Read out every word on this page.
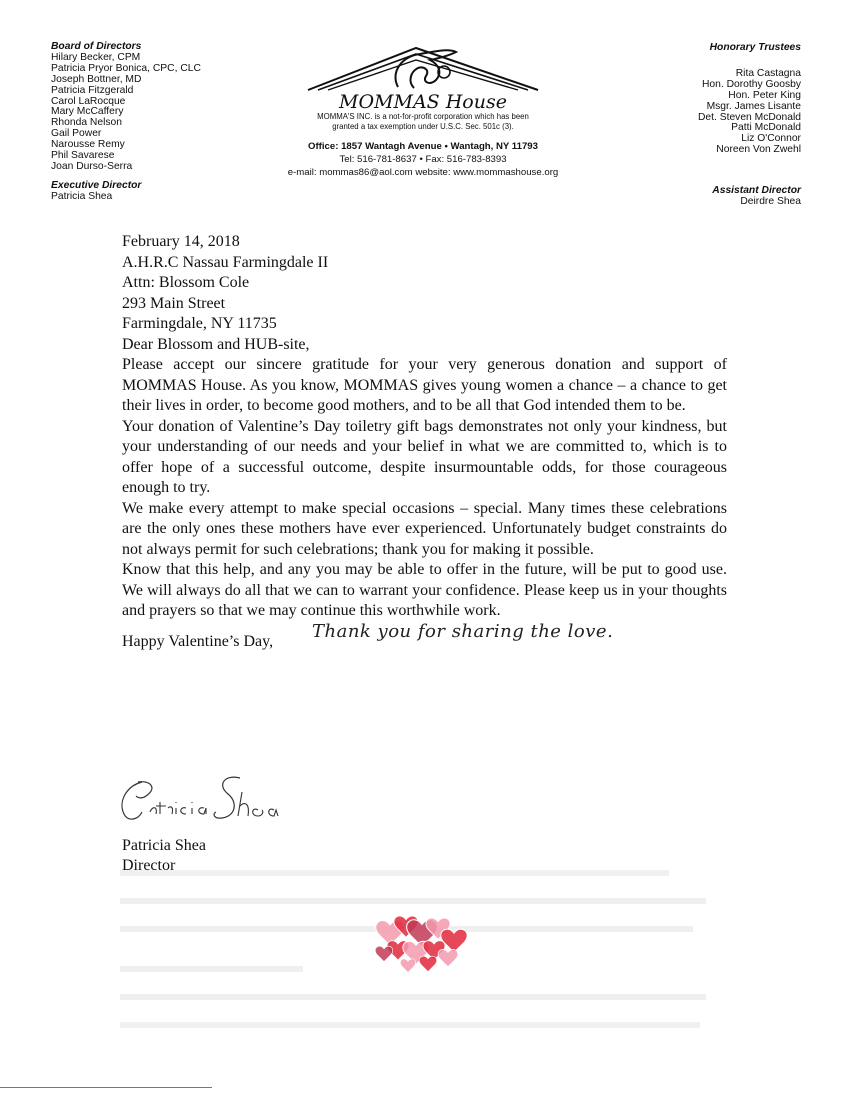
Board of Directors
Hilary Becker, CPM
Patricia Pryor Bonica, CPC, CLC
Joseph Bottner, MD
Patricia Fitzgerald
Carol LaRocque
Mary McCaffery
Rhonda Nelson
Gail Power
Narousse Remy
Phil Savarese
Joan Durso-Serra
Executive Director
Patricia Shea
MOMMAS House
MOMMA'S INC. is a not-for-profit corporation which has been
granted a tax exemption under U.S.C. Sec. 501c (3).
Office: 1857 Wantagh Avenue • Wantagh, NY 11793
Tel: 516-781-8637 • Fax: 516-783-8393
e-mail: mommas86@aol.com website: www.mommashouse.org
Honorary Trustees
Rita Castagna
Hon. Dorothy Goosby
Hon. Peter King
Msgr. James Lisante
Det. Steven McDonald
Patti McDonald
Liz O'Connor
Noreen Von Zwehl
Assistant Director
Deirdre Shea

February 14, 2018

A.H.R.C Nassau Farmingdale II

Attn: Blossom Cole

293 Main Street

Farmingdale, NY 11735

Dear Blossom and HUB-site,

Please accept our sincere gratitude for your very generous donation and support of MOMMAS House. As you know, MOMMAS gives young women a chance – a chance to get their lives in order, to become good mothers, and to be all that God intended them to be.

Your donation of Valentine’s Day toiletry gift bags demonstrates not only your kindness, but your understanding of our needs and your belief in what we are committed to, which is to offer hope of a successful outcome, despite insurmountable odds, for those courageous enough to try.

We make every attempt to make special occasions – special. Many times these celebrations are the only ones these mothers have ever experienced. Unfortunately budget constraints do not always permit for such celebrations; thank you for making it possible.

Know that this help, and any you may be able to offer in the future, will be put to good use. We will always do all that we can to warrant your confidence. Please keep us in your thoughts and prayers so that we may continue this worthwhile work.

Happy Valentine’s Day, Thank you for sharing the love.
Patricia Shea
Director
